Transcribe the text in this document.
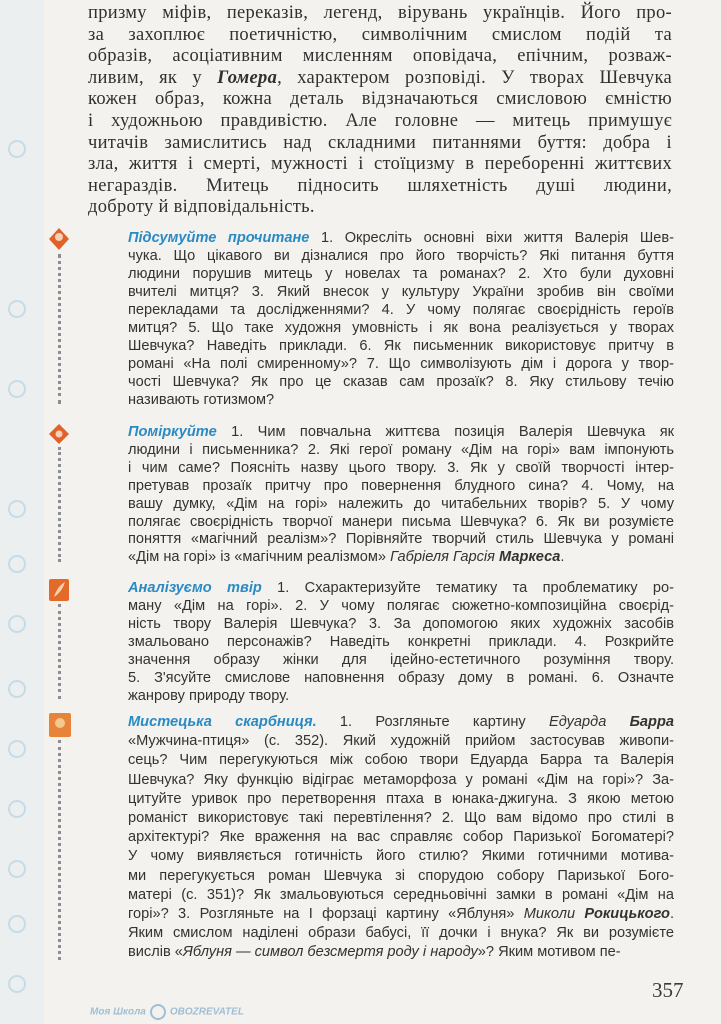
Моя Школа OBOZREVATEL
призму міфів, переказів, легенд, вірувань українців. Його про-
за захоплює поетичністю, символічним смислом подій та
образів, асоціативним мисленням оповідача, епічним, розваж-
ливим, як у Гомера, характером розповіді. У творах Шевчука
кожен образ, кожна деталь відзначаються смисловою ємністю
і художньою правдивістю. Але головне — митець примушує
читачів замислитись над складними питаннями буття: добра і
зла, життя і смерті, мужності і стоїцизму в переборенні життєвих
негараздів. Митець підносить шляхетність душі людини,
доброту й відповідальність.
Підсумуйте прочитане 1. Окресліть основні віхи життя Валерія Шев-
чука. Що цікавого ви дізналися про його творчість? Які питання буття
людини порушив митець у новелах та романах? 2. Хто були духовні
вчителі митця? 3. Який внесок у культуру України зробив він своїми
перекладами та дослідженнями? 4. У чому полягає своєрідність героїв
митця? 5. Що таке художня умовність і як вона реалізується у творах
Шевчука? Наведіть приклади. 6. Як письменник використовує притчу в
романі «На полі смиренному»? 7. Що символізують дім і дорога у твор-
чості Шевчука? Як про це сказав сам прозаїк? 8. Яку стильову течію
називають готизмом?
Поміркуйте 1. Чим повчальна життєва позиція Валерія Шевчука як
людини і письменника? 2. Які герої роману «Дім на горі» вам імпонують
і чим саме? Поясніть назву цього твору. 3. Як у своїй творчості інтер-
претував прозаїк притчу про повернення блудного сина? 4. Чому, на
вашу думку, «Дім на горі» належить до читабельних творів? 5. У чому
полягає своєрідність творчої манери письма Шевчука? 6. Як ви розумієте
поняття «магічний реалізм»? Порівняйте творчий стиль Шевчука у романі
«Дім на горі» із «магічним реалізмом» Габріеля Гарсія Маркеса.
Аналізуємо твір 1. Схарактеризуйте тематику та проблематику ро-
ману «Дім на горі». 2. У чому полягає сюжетно-композиційна своєрід-
ність твору Валерія Шевчука? 3. За допомогою яких художніх засобів
змальовано персонажів? Наведіть конкретні приклади. 4. Розкрийте
значення образу жінки для ідейно-естетичного розуміння твору.
5. З'ясуйте смислове наповнення образу дому в романі. 6. Означте
жанрову природу твору.
Мистецька скарбниця. 1. Розгляньте картину Едуарда Барра
«Мужчина-птиця» (с. 352). Який художній прийом застосував живопи-
сець? Чим перегукуються між собою твори Едуарда Барра та Валерія
Шевчука? Яку функцію відіграє метаморфоза у романі «Дім на горі»? За-
цитуйте уривок про перетворення птаха в юнака-джигуна. З якою метою
романіст використовує такі перевтілення? 2. Що вам відомо про стилі в
архітектурі? Яке враження на вас справляє собор Паризької Богоматері?
У чому виявляється готичність його стилю? Якими готичними мотива-
ми перегукується роман Шевчука зі спорудою собору Паризької Бого-
матері (с. 351)? Як змальовуються середньовічні замки в романі «Дім на
горі»? 3. Розгляньте на І форзаці картину «Яблуня» Миколи Рокицького.
Яким смислом наділені образи бабусі, її дочки і внука? Як ви розумієте
вислів «Яблуня — символ безсмертя роду і народу»? Яким мотивом пе-
357
